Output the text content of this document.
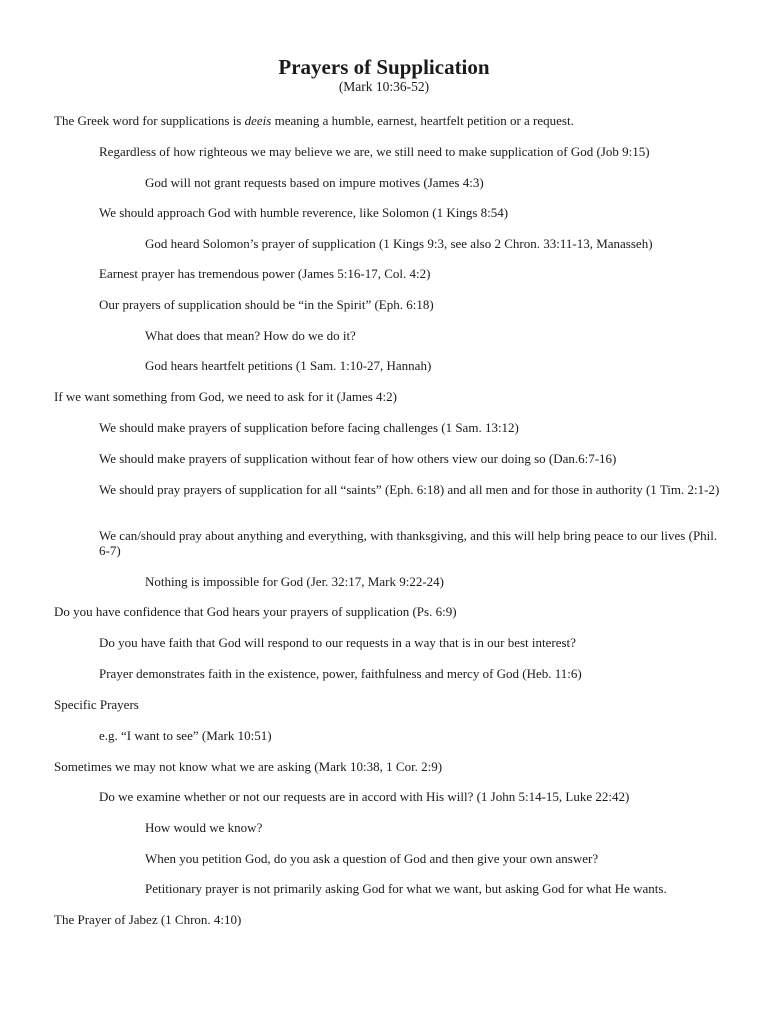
Prayers of Supplication
(Mark 10:36-52)
The Greek word for supplications is deeis meaning a humble, earnest, heartfelt petition or a request.
Regardless of how righteous we may believe we are, we still need to make supplication of God (Job 9:15)
God will not grant requests based on impure motives (James 4:3)
We should approach God with humble reverence, like Solomon (1 Kings 8:54)
God heard Solomon’s prayer of supplication (1 Kings 9:3, see also 2 Chron. 33:11-13, Manasseh)
Earnest prayer has tremendous power (James 5:16-17, Col. 4:2)
Our prayers of supplication should be “in the Spirit” (Eph. 6:18)
What does that mean? How do we do it?
God hears heartfelt petitions (1 Sam. 1:10-27, Hannah)
If we want something from God, we need to ask for it (James 4:2)
We should make prayers of supplication before facing challenges (1 Sam. 13:12)
We should make prayers of supplication without fear of how others view our doing so (Dan.6:7-16)
We should pray prayers of supplication for all “saints” (Eph. 6:18) and all men and for those in authority (1 Tim. 2:1-2)
We can/should pray about anything and everything, with thanksgiving, and this will help bring peace to our lives (Phil. 6-7)
Nothing is impossible for God (Jer. 32:17, Mark 9:22-24)
Do you have confidence that God hears your prayers of supplication (Ps. 6:9)
Do you have faith that God will respond to our requests in a way that is in our best interest?
Prayer demonstrates faith in the existence, power, faithfulness and mercy of God (Heb. 11:6)
Specific Prayers
e.g. “I want to see” (Mark 10:51)
Sometimes we may not know what we are asking (Mark 10:38, 1 Cor. 2:9)
Do we examine whether or not our requests are in accord with His will? (1 John 5:14-15, Luke 22:42)
How would we know?
When you petition God, do you ask a question of God and then give your own answer?
Petitionary prayer is not primarily asking God for what we want, but asking God for what He wants.
The Prayer of Jabez (1 Chron. 4:10)
